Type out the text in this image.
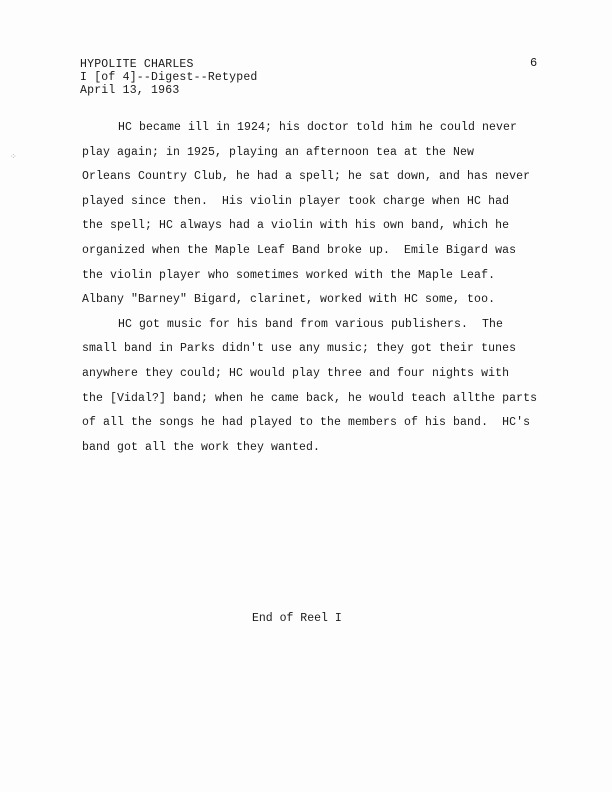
HYPOLITE CHARLES
I [of 4]--Digest--Retyped
April 13, 1963
6
⁘
HC became ill in 1924; his doctor told him he could never
play again; in 1925, playing an afternoon tea at the New
Orleans Country Club, he had a spell; he sat down, and has never
played since then.  His violin player took charge when HC had
the spell; HC always had a violin with his own band, which he
organized when the Maple Leaf Band broke up.  Emile Bigard was
the violin player who sometimes worked with the Maple Leaf.
Albany "Barney" Bigard, clarinet, worked with HC some, too.
HC got music for his band from various publishers.  The
small band in Parks didn't use any music; they got their tunes
anywhere they could; HC would play three and four nights with
the [Vidal?] band; when he came back, he would teach allthe parts
of all the songs he had played to the members of his band.  HC's
band got all the work they wanted.
End of Reel I
